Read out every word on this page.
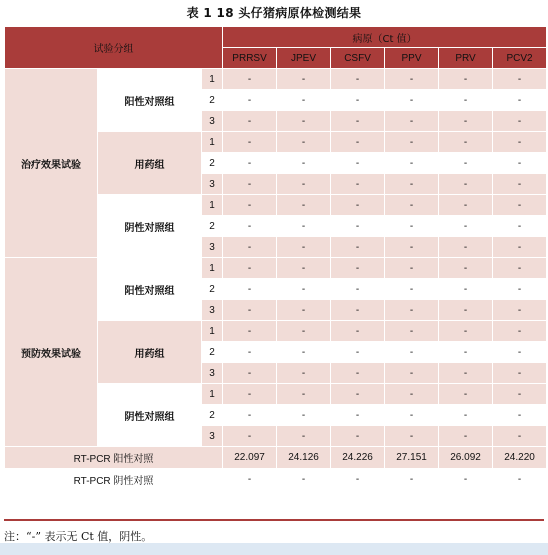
表 1 18 头仔猪病原体检测结果
试验分组			病原（Ct 值）					
			PRRSV	JPEV	CSFV	PPV	PRV	PCV2
治疗效果试验	阳性对照组	1	-	-	-	-	-	-
		2	-	-	-	-	-	-
		3	-	-	-	-	-	-
	用药组	1	-	-	-	-	-	-
		2	-	-	-	-	-	-
		3	-	-	-	-	-	-
	阴性对照组	1	-	-	-	-	-	-
		2	-	-	-	-	-	-
		3	-	-	-	-	-	-
预防效果试验	阳性对照组	1	-	-	-	-	-	-
		2	-	-	-	-	-	-
		3	-	-	-	-	-	-
	用药组	1	-	-	-	-	-	-
		2	-	-	-	-	-	-
		3	-	-	-	-	-	-
	阴性对照组	1	-	-	-	-	-	-
		2	-	-	-	-	-	-
		3	-	-	-	-	-	-
RT-PCR 阳性对照			22.097	24.126	24.226	27.151	26.092	24.220
RT-PCR 阴性对照			-	-	-	-	-	-
注：“-” 表示无 Ct 值，阴性。
